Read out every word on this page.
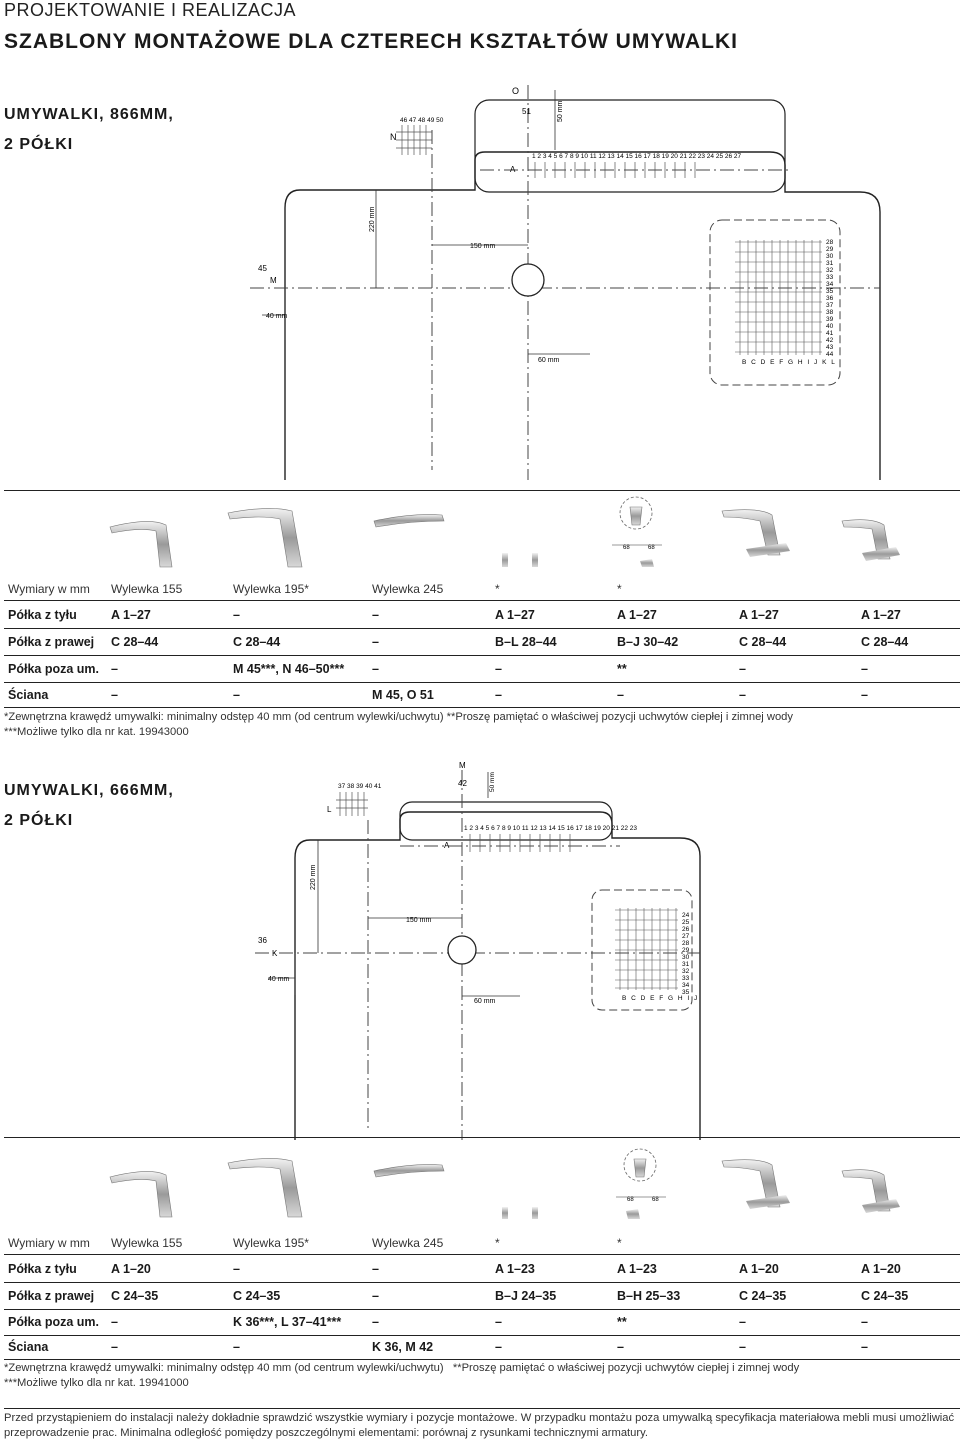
PROJEKTOWANIE I REALIZACJA
SZABLONY MONTAŻOWE DLA CZTERECH KSZTAŁTÓW UMYWALKI
UMYWALKI, 866MM,
2 PÓŁKI
O
51	50 mm
N
46 47 48 49 50
1 2 3 4 5 6 7 8 9 10 11 12 13 14 15 16 17 18 19 20 21 22 23 24 25 26 27
A
220 mm
150 mm
45
M
40 mm
60 mm	B C D E F G H I J K L
28
29
30
31
32
33
34
35
36
37
38
39
40
41
42
43
44
68	68
Wymiary w mm Wylewka 155	Wylewka 195*	Wylewka 245	*	*
Półka z tyłu	A 1–27	–	–	A 1–27	A 1–27	A 1–27	A 1–27
Półka z prawej C 28–44	C 28–44	–	B–L 28–44	B–J 30–42	C 28–44	C 28–44
Półka poza um. –	M 45***, N 46–50*** –	–	**	–	–
Ściana	–	–	M 45, O 51	–	–	–	–
*Zewnętrzna krawędź umywalki: minimalny odstęp 40 mm (od centrum wylewki/uchwytu) **Proszę pamiętać o właściwej pozycji uchwytów ciepłej i zimnej wody
***Możliwe tylko dla nr kat. 19943000
UMYWALKI, 666MM,
2 PÓŁKI
M
42	50 mm
L
37 38 39 40 41
1 2 3 4 5 6 7 8 9 10 11 12 13 14 15 16 17 18 19 20 21 22 23
A
220 mm
150 mm
36
K
40 mm
60 mm	B C D E F G H I J
24
25
26
27
28
29
30
31
32
33
34
35
68	68
Wymiary w mm Wylewka 155	Wylewka 195*	Wylewka 245	*	*
Półka z tyłu	A 1–20	–	–	A 1–23	A 1–23	A 1–20	A 1–20
Półka z prawej C 24–35	C 24–35	–	B–J 24–35	B–H 25–33	C 24–35	C 24–35
Półka poza um. –	K 36***, L 37–41*** –	–	**	–	–
Ściana	–	–	K 36, M 42	–	–	–	–
*Zewnętrzna krawędź umywalki: minimalny odstęp 40 mm (od centrum wylewki/uchwytu)   **Proszę pamiętać o właściwej pozycji uchwytów ciepłej i zimnej wody
***Możliwe tylko dla nr kat. 19941000
Przed przystąpieniem do instalacji należy dokładnie sprawdzić wszystkie wymiary i pozycje montażowe. W przypadku montażu poza umywalką specyfikacja materiałowa mebli musi umożliwiać przeprowadzenie prac. Minimalna odległość pomiędzy poszczególnymi elementami: porównaj z rysunkami technicznymi armatury.
